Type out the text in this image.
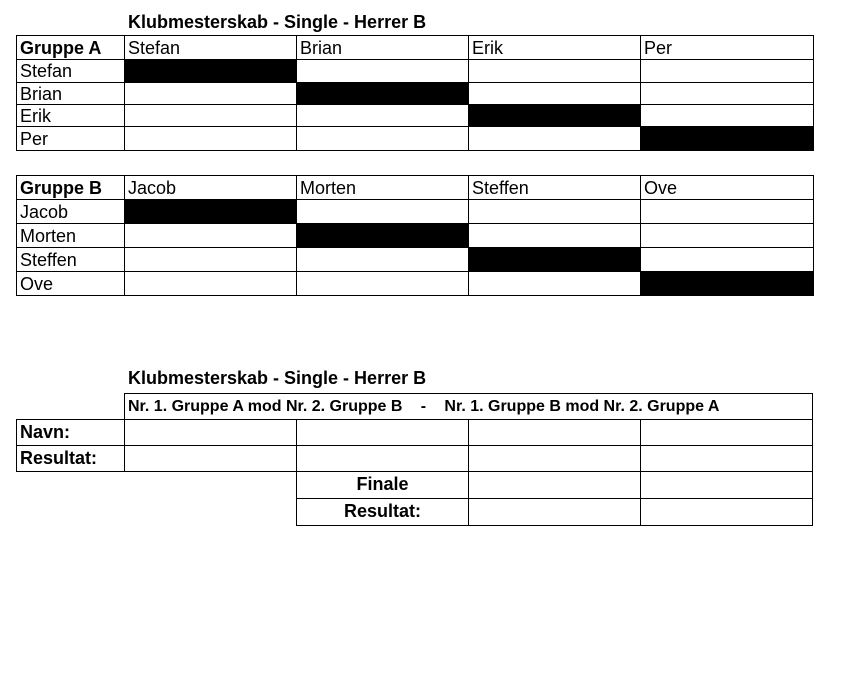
Klubmesterskab - Single - Herrer B
Gruppe A	Stefan	Brian	Erik	Per
Stefan				
Brian				
Erik				
Per				
Gruppe B	Jacob	Morten	Steffen	Ove
Jacob				
Morten				
Steffen				
Ove				
Klubmesterskab - Single - Herrer B
Nr. 1. Gruppe A mod Nr. 2. Gruppe B - Nr. 1. Gruppe B mod Nr. 2. Gruppe A
Navn:
Resultat:
Finale
Resultat:
